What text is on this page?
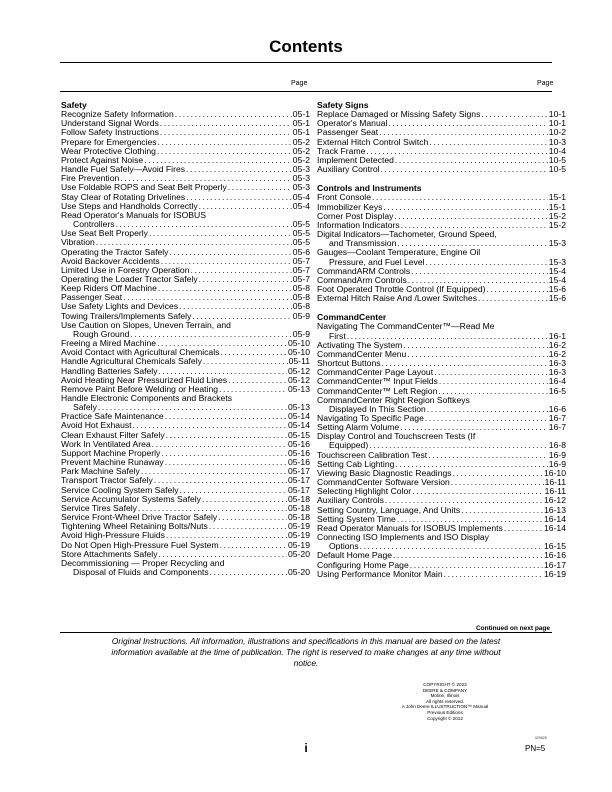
Contents
Page	Page
Safety
Recognize Safety Information . . .	05-1
Understand Signal Words . . .	05-1
Follow Safety Instructions . . .	05-1
Prepare for Emergencies . . .	05-2
Wear Protective Clothing . . .	05-2
Protect Against Noise . . .	05-2
Handle Fuel Safely—Avoid Fires . . .	05-3
Fire Prevention . . .	05-3
Use Foldable ROPS and Seat Belt Properly . . .	05-3
Stay Clear of Rotating Drivelines . . .	05-4
Use Steps and Handholds Correctly . . .	05-4
Read Operator's Manuals for ISOBUS
Controllers . . .	05-5
Use Seat Belt Properly . . .	05-5
Vibration . . .	05-5
Operating the Tractor Safely . . .	05-6
Avoid Backover Accidents . . .	05-7
Limited Use in Forestry Operation . . .	05-7
Operating the Loader Tractor Safely . . .	05-7
Keep Riders Off Machine . . .	05-8
Passenger Seat . . .	05-8
Use Safety Lights and Devices . . .	05-8
Towing Trailers/Implements Safely . . .	05-9
Use Caution on Slopes, Uneven Terrain, and
Rough Ground . . .	05-9
Freeing a Mired Machine . . .	05-10
Avoid Contact with Agricultural Chemicals . . .	05-10
Handle Agricultural Chemicals Safely . . .	05-11
Handling Batteries Safely . . .	05-12
Avoid Heating Near Pressurized Fluid Lines . . .	05-12
Remove Paint Before Welding or Heating . . .	05-13
Handle Electronic Components and Brackets
Safely . . .	05-13
Practice Safe Maintenance . . .	05-14
Avoid Hot Exhaust . . .	05-14
Clean Exhaust Filter Safely . . .	05-15
Work In Ventilated Area . . .	05-16
Support Machine Properly . . .	05-16
Prevent Machine Runaway . . .	05-16
Park Machine Safely . . .	05-17
Transport Tractor Safely . . .	05-17
Service Cooling System Safely . . .	05-17
Service Accumulator Systems Safely . . .	05-18
Service Tires Safely . . .	05-18
Service Front-Wheel Drive Tractor Safely . . .	05-18
Tightening Wheel Retaining Bolts/Nuts . . .	05-19
Avoid High-Pressure Fluids . . .	05-19
Do Not Open High-Pressure Fuel System . . .	05-19
Store Attachments Safely . . .	05-20
Decommissioning — Proper Recycling and
Disposal of Fluids and Components . . .	05-20
Safety Signs
Replace Damaged or Missing Safety Signs . . .	10-1
Operator's Manual . . .	10-1
Passenger Seat . . .	10-2
External Hitch Control Switch . . .	10-3
Track Frame . . .	10-4
Implement Detected . . .	10-5
Auxiliary Control . . .	10-5
Controls and Instruments
Front Console . . .	15-1
Immobilizer Keys . . .	15-1
Corner Post Display . . .	15-2
Information Indicators . . .	15-2
Digital Indicators—Tachometer, Ground Speed,
and Transmission . . .	15-3
Gauges—Coolant Temperature, Engine Oil
Pressure, and Fuel Level . . .	15-3
CommandARM Controls . . .	15-4
CommandArm Controls . . .	15-4
Foot Operated Throttle Control (If Equipped) . . .	15-6
External Hitch Raise And /Lower Switches . . .	15-6
CommandCenter
Navigating The CommandCenter™—Read Me
First . . .	16-1
Activating The System . . .	16-2
CommandCenter Menu . . .	16-2
Shortcut Buttons . . .	16-3
CommandCenter Page Layout . . .	16-3
CommandCenter™ Input Fields . . .	16-4
CommandCenter™ Left Region . . .	16-5
CommandCenter Right Region Softkeys
Displayed In This Section . . .	16-6
Navigating To Specific Page . . .	16-7
Setting Alarm Volume . . .	16-7
Display Control and Touchscreen Tests (If
Equipped) . . .	16-8
Touchscreen Calibration Test . . .	16-9
Setting Cab Lighting . . .	16-9
Viewing Basic Diagnostic Readings . . .	16-10
CommandCenter Software Version . . .	16-11
Selecting Highlight Color . . .	16-11
Auxiliary Controls . . .	16-12
Setting Country, Language, And Units . . .	16-13
Setting System Time . . .	16-14
Read Operator Manuals for ISOBUS Implements . . .	16-14
Connecting ISO Implements and ISO Display
Options . . .	16-15
Default Home Page . . .	16-16
Configuring Home Page . . .	16-17
Using Performance Monitor Main . . .	16-19
Continued on next page
Original Instructions. All information, illustrations and specifications in this manual are based on the latest information available at the time of publication. The right is reserved to make changes at any time without notice.
COPYRIGHT © 2023
DEERE & COMPANY
Moline, Illinois
All rights reserved.
A John Deere ILLUSTRUCTION™ Manual
Previous Editions
Copyright © 2012
020625
i	PN=5
